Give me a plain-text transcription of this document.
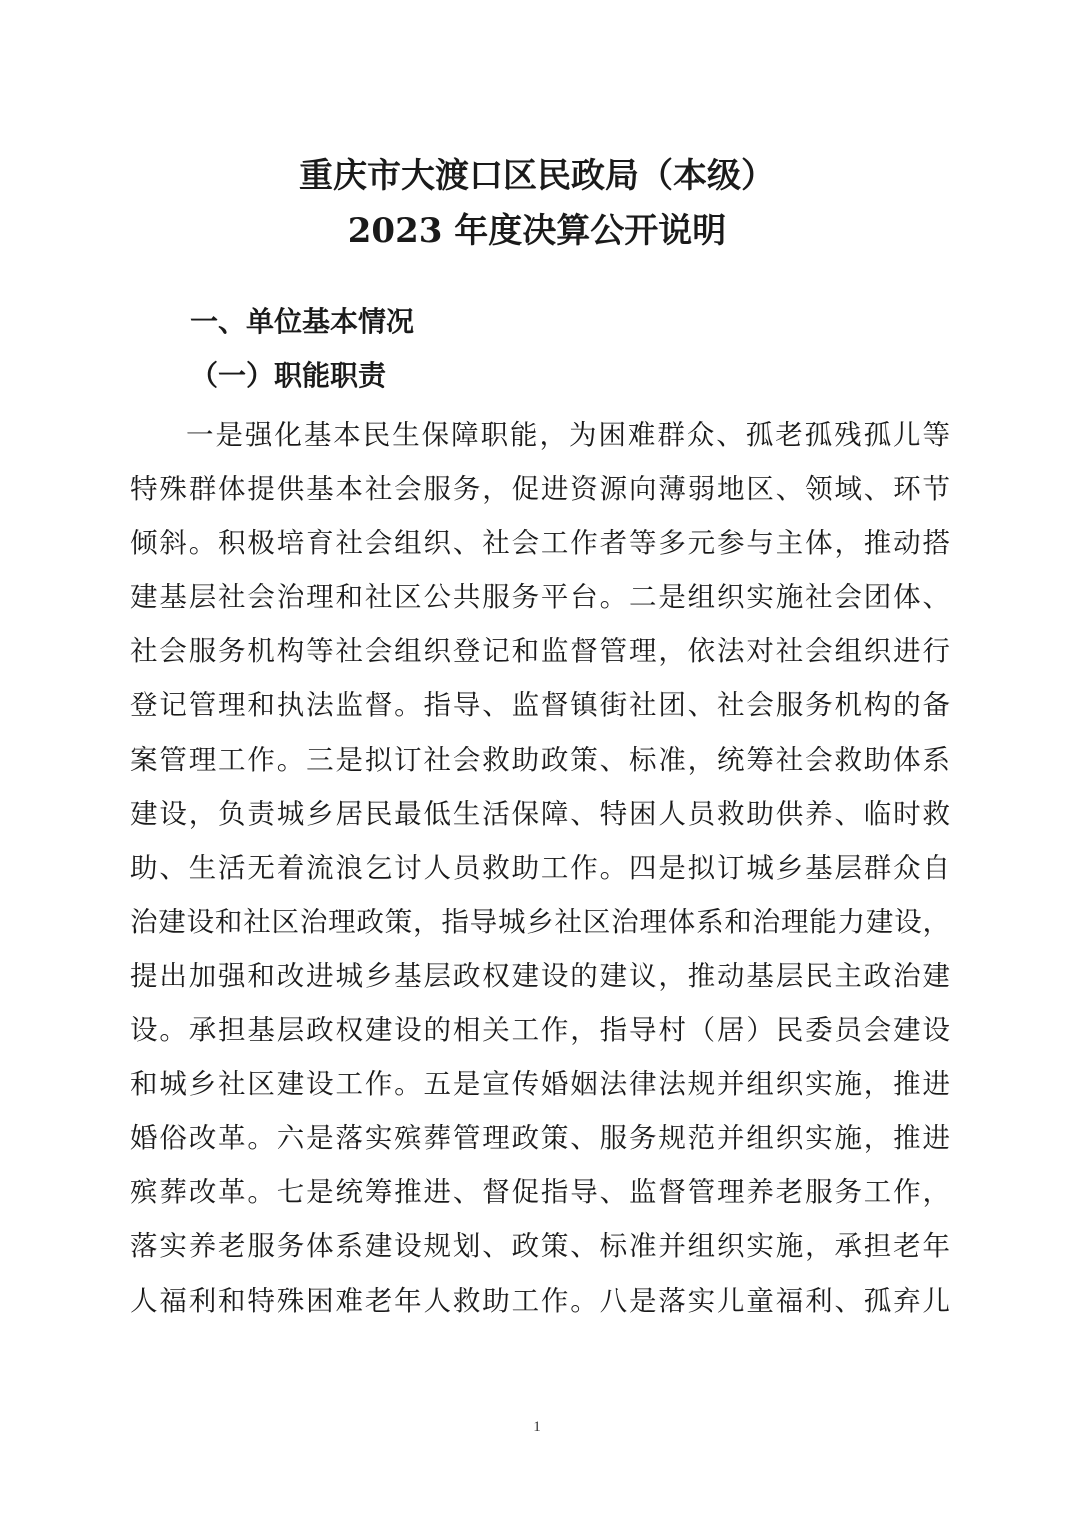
重庆市大渡口区民政局（本级）
2023 年度决算公开说明
一、单位基本情况
（一）职能职责
一是强化基本民生保障职能，为困难群众、孤老孤残孤儿等
特殊群体提供基本社会服务，促进资源向薄弱地区、领域、环节
倾斜。积极培育社会组织、社会工作者等多元参与主体，推动搭
建基层社会治理和社区公共服务平台。二是组织实施社会团体、
社会服务机构等社会组织登记和监督管理，依法对社会组织进行
登记管理和执法监督。指导、监督镇街社团、社会服务机构的备
案管理工作。三是拟订社会救助政策、标准，统筹社会救助体系
建设，负责城乡居民最低生活保障、特困人员救助供养、临时救
助、生活无着流浪乞讨人员救助工作。四是拟订城乡基层群众自
治建设和社区治理政策，指导城乡社区治理体系和治理能力建设，
提出加强和改进城乡基层政权建设的建议，推动基层民主政治建
设。承担基层政权建设的相关工作，指导村（居）民委员会建设
和城乡社区建设工作。五是宣传婚姻法律法规并组织实施，推进
婚俗改革。六是落实殡葬管理政策、服务规范并组织实施，推进
殡葬改革。七是统筹推进、督促指导、监督管理养老服务工作，
落实养老服务体系建设规划、政策、标准并组织实施，承担老年
人福利和特殊困难老年人救助工作。八是落实儿童福利、孤弃儿
1
